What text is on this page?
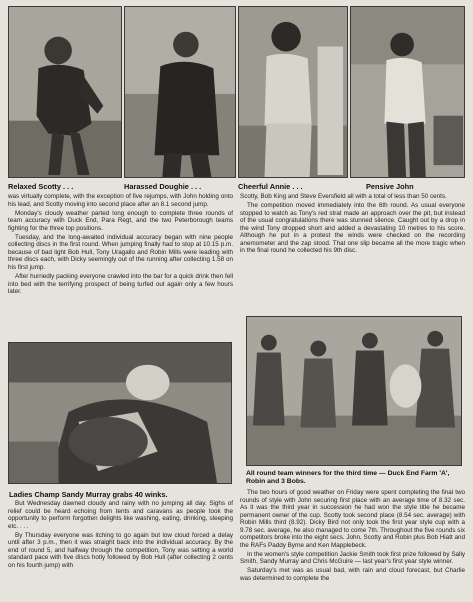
Relaxed Scotty . . .	Harassed Doughie . . .	Cheerful Annie . . .	Pensive John

was virtually complete, with the exception of five rejumps, with John holding onto his lead, and Scotty moving into second place after an 8.1 second jump.

Monday's cloudy weather parted long enough to complete three rounds of team accuracy with Duck End, Para Regt, and the two Peterborough teams fighting for the three top positions.

Tuesday, and the long-awaited individual accuracy began with nine people collecting discs in the first round. When jumping finally had to stop at 10.15 p.m. because of bad light Bob Hull, Tony Uragallo and Robin Mills were leading with three discs each, with Dicky seemingly out of the running after collecting 1.58 on his first jump.

After hurriedly packing everyone crawled into the bar for a quick drink then fell into bed with the terrifying prospect of being turfed out again only a few hours later.

Ladies Champ Sandy Murray grabs 40 winks.

But Wednesday dawned cloudy and rainy with no jumping all day. Sighs of relief could be heard echoing from tents and caravans as people took the opportunity to perform forgotten delights like washing, eating, drinking, sleeping etc. . . .

By Thursday everyone was itching to go again but low cloud forced a delay until after 3 p.m., then it was straight back into the individual accuracy. By the end of round 5, and halfway through the competition, Tony was setting a world standard pace with five discs hotly followed by Bob Hull (after collecting 2 cents on his fourth jump) with

Scotty, Bob King and Steve Eversfield all with a total of less than 50 cents.

The competition moved immediately into the 6th round. As usual everyone stopped to watch as Tony's red strat made an approach over the pit, but instead of the usual congratulations there was stunned silence. Caught out by a drop in the wind Tony dropped short and added a devastating 10 metres to his score. Although he put in a protest the winds were checked on the recording anemometer and the zap stood. That one slip became all the more tragic when in the final round he collected his 9th disc.

All round team winners for the third time — Duck End Farm 'A', Robin and 3 Bobs.

The two hours of good weather on Friday were spent completing the final two rounds of style with John securing first place with an average time of 8.32 sec. As it was the third year in succession he had won the style title he became permanent owner of the cup. Scotty took second place (8.54 sec. average) with Robin Mills third (8.92). Dicky Bird not only took the first year style cup with a 9.78 sec. average, he also managed to come 7th. Throughout the five rounds six competitors broke into the eight secs. John, Scotty and Robin plus Bob Hiatt and the RAFs Paddy Byrne and Ken Mapplebeck.

In the women's style competition Jackie Smith took first prize followed by Sally Smith, Sandy Murray and Chris McGuire — last year's first year style winner.

Saturday's met was as usual bad, with rain and cloud forecast, but Charlie was determined to complete the
